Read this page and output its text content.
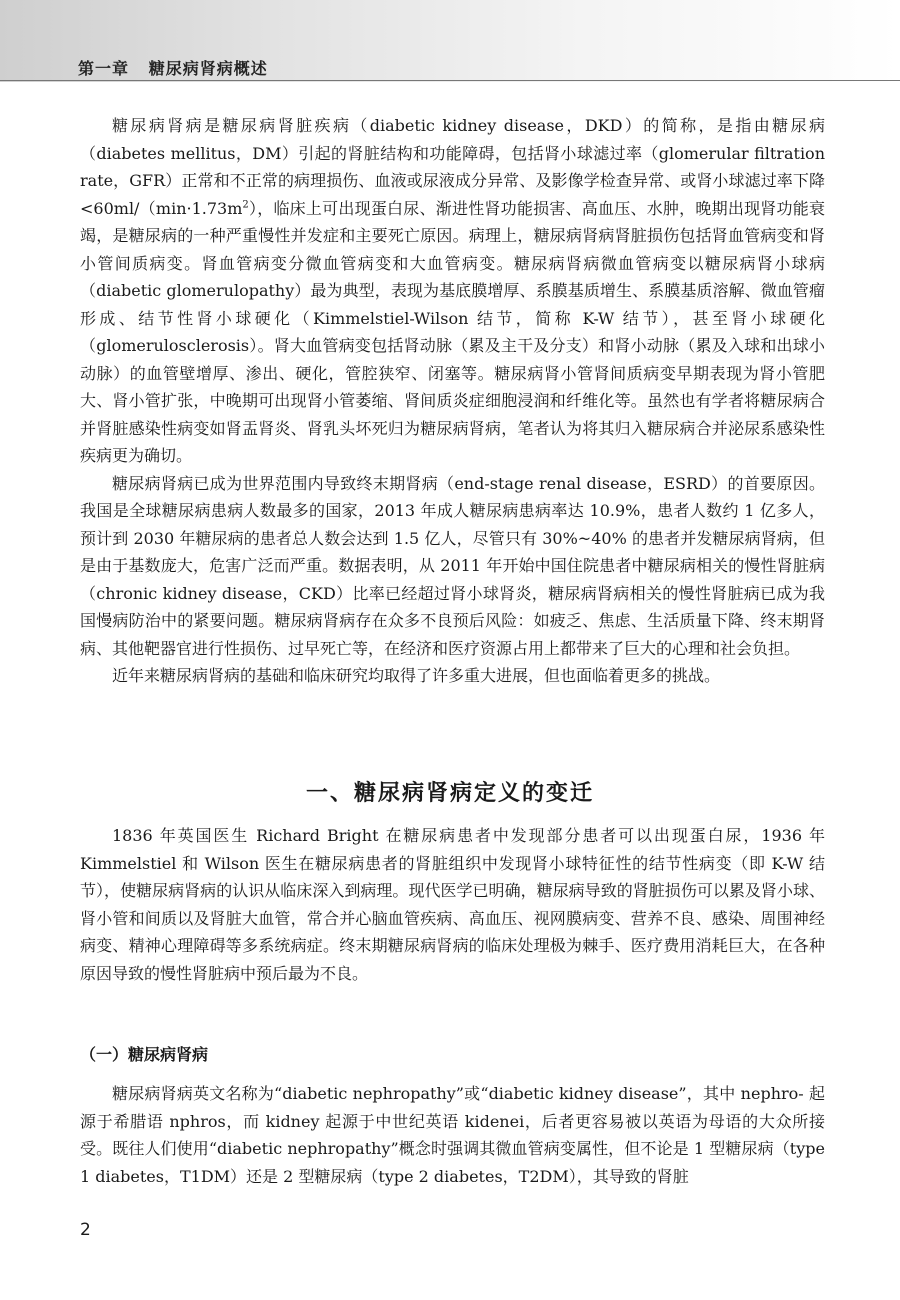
第一章 糖尿病肾病概述

糖尿病肾病是糖尿病肾脏疾病（diabetic kidney disease，DKD）的简称，是指由糖尿病（diabetes mellitus，DM）引起的肾脏结构和功能障碍，包括肾小球滤过率（glomerular filtration rate，GFR）正常和不正常的病理损伤、血液或尿液成分异常、及影像学检查异常、或肾小球滤过率下降 $<60ml/(\min\cdot 1.73m^2)$，临床上可出现蛋白尿、渐进性肾功能损害、高血压、水肿，晚期出现肾功能衰竭，是糖尿病的一种严重慢性并发症和主要死亡原因。病理上，糖尿病肾病肾脏损伤包括肾血管病变和肾小管间质病变。肾血管病变分微血管病变和大血管病变。糖尿病肾病微血管病变以糖尿病肾小球病（diabetic glomerulopathy）最为典型，表现为基底膜增厚、系膜基质增生、系膜基质溶解、微血管瘤形成、结节性肾小球硬化（Kimmelstiel-Wilson 结节，简称 K-W 结节），甚至肾小球硬化（glomerulosclerosis）。肾大血管病变包括肾动脉（累及主干及分支）和肾小动脉（累及入球和出球小动脉）的血管壁增厚、渗出、硬化，管腔狭窄、闭塞等。糖尿病肾小管肾间质病变早期表现为肾小管肥大、肾小管扩张，中晚期可出现肾小管萎缩、肾间质炎症细胞浸润和纤维化等。虽然也有学者将糖尿病合并肾脏感染性病变如肾盂肾炎、肾乳头坏死归为糖尿病肾病，笔者认为将其归入糖尿病合并泌尿系感染性疾病更为确切。

糖尿病肾病已成为世界范围内导致终末期肾病（end-stage renal disease，ESRD）的首要原因。我国是全球糖尿病患病人数最多的国家，2013 年成人糖尿病患病率达 10.9%，患者人数约 1 亿多人，预计到 2030 年糖尿病的患者总人数会达到 1.5 亿人，尽管只有 30%~40% 的患者并发糖尿病肾病，但是由于基数庞大，危害广泛而严重。数据表明，从 2011 年开始中国住院患者中糖尿病相关的慢性肾脏病（chronic kidney disease，CKD）比率已经超过肾小球肾炎，糖尿病肾病相关的慢性肾脏病已成为我国慢病防治中的紧要问题。糖尿病肾病存在众多不良预后风险：如疲乏、焦虑、生活质量下降、终末期肾病、其他靶器官进行性损伤、过早死亡等，在经济和医疗资源占用上都带来了巨大的心理和社会负担。

近年来糖尿病肾病的基础和临床研究均取得了许多重大进展，但也面临着更多的挑战。

一、糖尿病肾病定义的变迁

1836 年英国医生 Richard Bright 在糖尿病患者中发现部分患者可以出现蛋白尿，1936 年 Kimmelstiel 和 Wilson 医生在糖尿病患者的肾脏组织中发现肾小球特征性的结节性病变（即 K-W 结节），使糖尿病肾病的认识从临床深入到病理。现代医学已明确，糖尿病导致的肾脏损伤可以累及肾小球、肾小管和间质以及肾脏大血管，常合并心脑血管疾病、高血压、视网膜病变、营养不良、感染、周围神经病变、精神心理障碍等多系统病症。终末期糖尿病肾病的临床处理极为棘手、医疗费用消耗巨大，在各种原因导致的慢性肾脏病中预后最为不良。

（一）糖尿病肾病

糖尿病肾病英文名称为“diabetic nephropathy”或“diabetic kidney disease”，其中 nephro- 起源于希腊语 nphros，而 kidney 起源于中世纪英语 kidenei，后者更容易被以英语为母语的大众所接受。既往人们使用“diabetic nephropathy”概念时强调其微血管病变属性，但不论是 1 型糖尿病（type 1 diabetes，T1DM）还是 2 型糖尿病（type 2 diabetes，T2DM），其导致的肾脏

2
